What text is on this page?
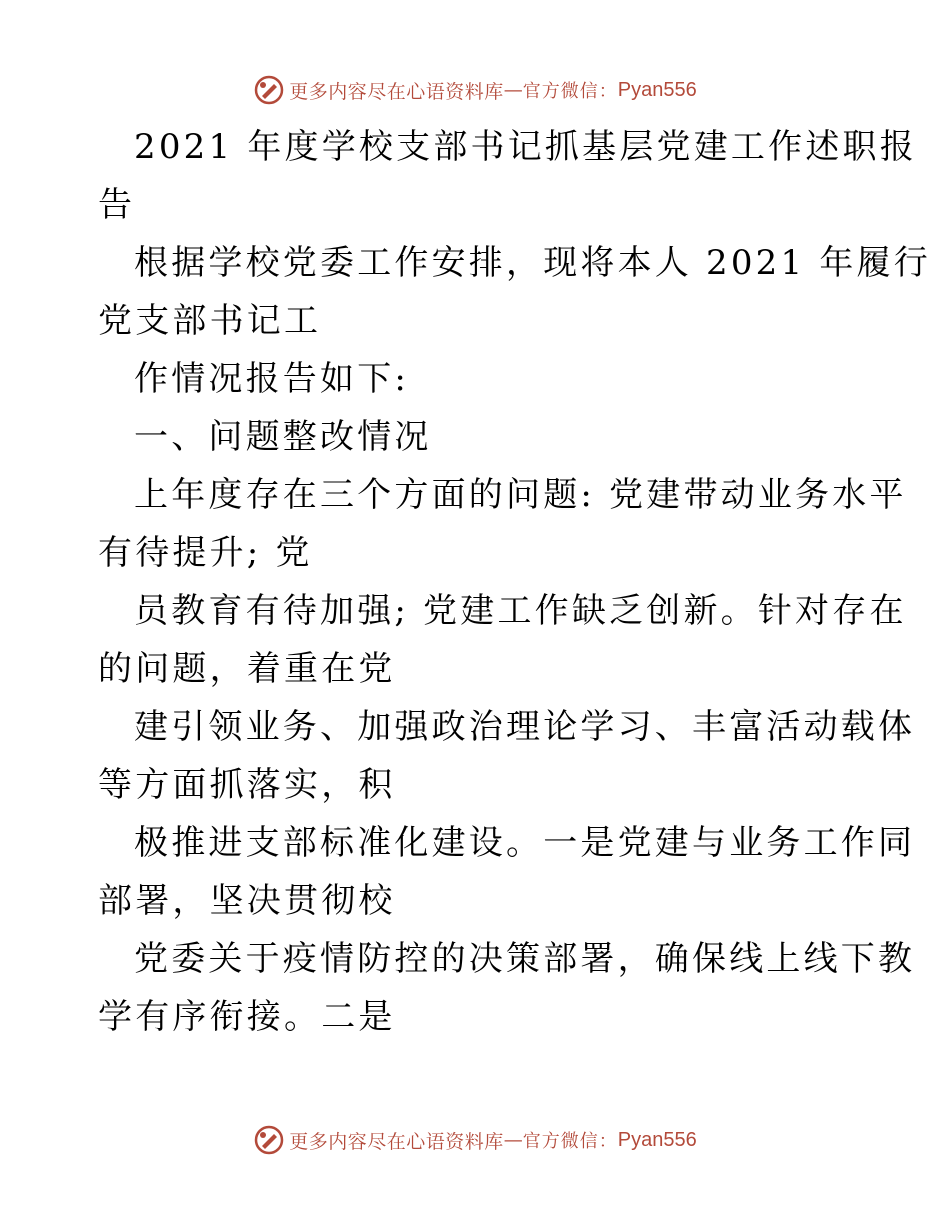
更多内容尽在心语资料库 — 官方微信： Pyan556
2021 年度学校支部书记抓基层党建工作述职报
告
根据学校党委工作安排，现将本人 2021 年履行
党支部书记工
作情况报告如下:
一、问题整改情况
上年度存在三个方面的问题: 党建带动业务水平
有待提升; 党
员教育有待加强; 党建工作缺乏创新。针对存在
的问题，着重在党
建引领业务、加强政治理论学习、丰富活动载体
等方面抓落实，积
极推进支部标准化建设。一是党建与业务工作同
部署，坚决贯彻校
党委关于疫情防控的决策部署，确保线上线下教
学有序衔接。二是
更多内容尽在心语资料库 — 官方微信： Pyan556
